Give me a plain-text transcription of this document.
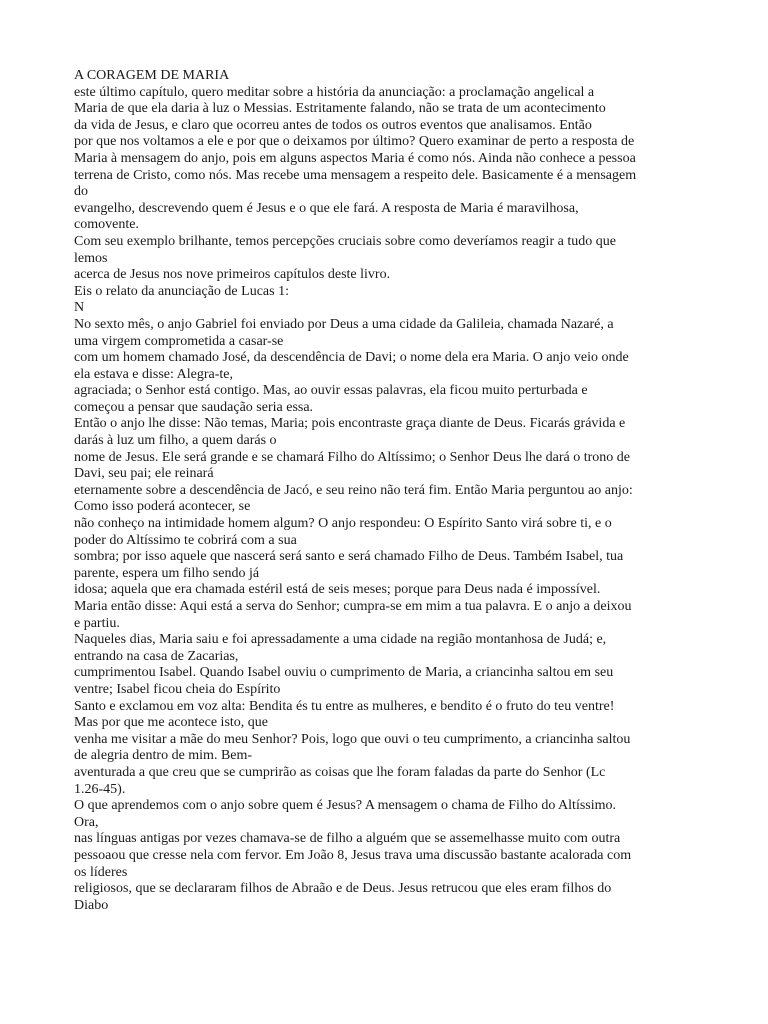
A CORAGEM DE MARIA
este último capítulo, quero meditar sobre a história da anunciação: a proclamação angelical a
Maria de que ela daria à luz o Messias. Estritamente falando, não se trata de um acontecimento
da vida de Jesus, e claro que ocorreu antes de todos os outros eventos que analisamos. Então
por que nos voltamos a ele e por que o deixamos por último? Quero examinar de perto a resposta de
Maria à mensagem do anjo, pois em alguns aspectos Maria é como nós. Ainda não conhece a pessoa
terrena de Cristo, como nós. Mas recebe uma mensagem a respeito dele. Basicamente é a mensagem
do
evangelho, descrevendo quem é Jesus e o que ele fará. A resposta de Maria é maravilhosa,
comovente.
Com seu exemplo brilhante, temos percepções cruciais sobre como deveríamos reagir a tudo que
lemos
acerca de Jesus nos nove primeiros capítulos deste livro.
Eis o relato da anunciação de Lucas 1:
N
No sexto mês, o anjo Gabriel foi enviado por Deus a uma cidade da Galileia, chamada Nazaré, a
uma virgem comprometida a casar-se
com um homem chamado José, da descendência de Davi; o nome dela era Maria. O anjo veio onde
ela estava e disse: Alegra-te,
agraciada; o Senhor está contigo. Mas, ao ouvir essas palavras, ela ficou muito perturbada e
começou a pensar que saudação seria essa.
Então o anjo lhe disse: Não temas, Maria; pois encontraste graça diante de Deus. Ficarás grávida e
darás à luz um filho, a quem darás o
nome de Jesus. Ele será grande e se chamará Filho do Altíssimo; o Senhor Deus lhe dará o trono de
Davi, seu pai; ele reinará
eternamente sobre a descendência de Jacó, e seu reino não terá fim. Então Maria perguntou ao anjo:
Como isso poderá acontecer, se
não conheço na intimidade homem algum? O anjo respondeu: O Espírito Santo virá sobre ti, e o
poder do Altíssimo te cobrirá com a sua
sombra; por isso aquele que nascerá será santo e será chamado Filho de Deus. Também Isabel, tua
parente, espera um filho sendo já
idosa; aquela que era chamada estéril está de seis meses; porque para Deus nada é impossível.
Maria então disse: Aqui está a serva do Senhor; cumpra-se em mim a tua palavra. E o anjo a deixou
e partiu.
Naqueles dias, Maria saiu e foi apressadamente a uma cidade na região montanhosa de Judá; e,
entrando na casa de Zacarias,
cumprimentou Isabel. Quando Isabel ouviu o cumprimento de Maria, a criancinha saltou em seu
ventre; Isabel ficou cheia do Espírito
Santo e exclamou em voz alta: Bendita és tu entre as mulheres, e bendito é o fruto do teu ventre!
Mas por que me acontece isto, que
venha me visitar a mãe do meu Senhor? Pois, logo que ouvi o teu cumprimento, a criancinha saltou
de alegria dentro de mim. Bem-
aventurada a que creu que se cumprirão as coisas que lhe foram faladas da parte do Senhor (Lc
1.26-45).
O que aprendemos com o anjo sobre quem é Jesus? A mensagem o chama de Filho do Altíssimo.
Ora,
nas línguas antigas por vezes chamava-se de filho a alguém que se assemelhasse muito com outra
pessoaou que cresse nela com fervor. Em João 8, Jesus trava uma discussão bastante acalorada com
os líderes
religiosos, que se declararam filhos de Abraão e de Deus. Jesus retrucou que eles eram filhos do
Diabo
